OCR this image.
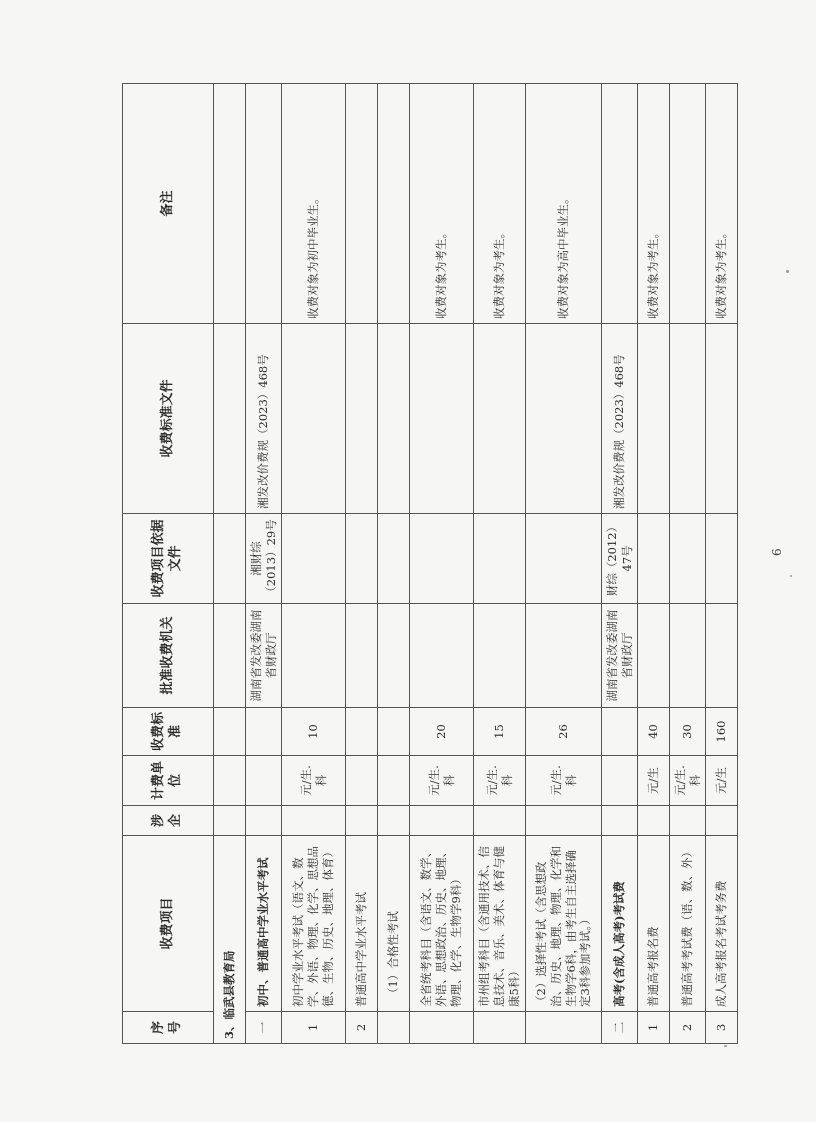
序号	收费项目	涉企	计费单位	收费标准	批准收费机关	收费项目依据文件	收费标准文件	备注
3、临武县教育局								
一	初中、普通高中学业水平考试				湖南省发改委湖南省财政厅	湘财综（2013）29号	湘发改价费规（2023）468号	
1	初中学业水平考试（语文、数学、外语、物理、化学、思想品德、生物、历史、地理、体育）		元/生.科	10				收费对象为初中毕业生。
2	普通高中学业水平考试							
	（1）合格性考试							
	全省统考科目（含语文、数学、外语、思想政治、历史、地理、物理、化学、生物学9科）		元/生.科	20				收费对象为考生。
	市州组考科目（含通用技术、信息技术、音乐、美术、体育与健康5科）		元/生.科	15				收费对象为考生。
	（2）选择性考试（含思想政治、历史、地理、物理、化学和生物学6科，由考生自主选择确定3科参加考试。）		元/生.科	26				收费对象为高中毕业生。
二	高考(含成人高考)考试费				湖南省发改委湖南省财政厅	财综（2012）47号	湘发改价费规（2023）468号	
1	普通高考报名费		元/生	40				收费对象为考生。
2	普通高考考试费（语、数、外）		元/生.科	30				
3	成人高考报名考试考务费		元/生	160				收费对象为考生。
6
